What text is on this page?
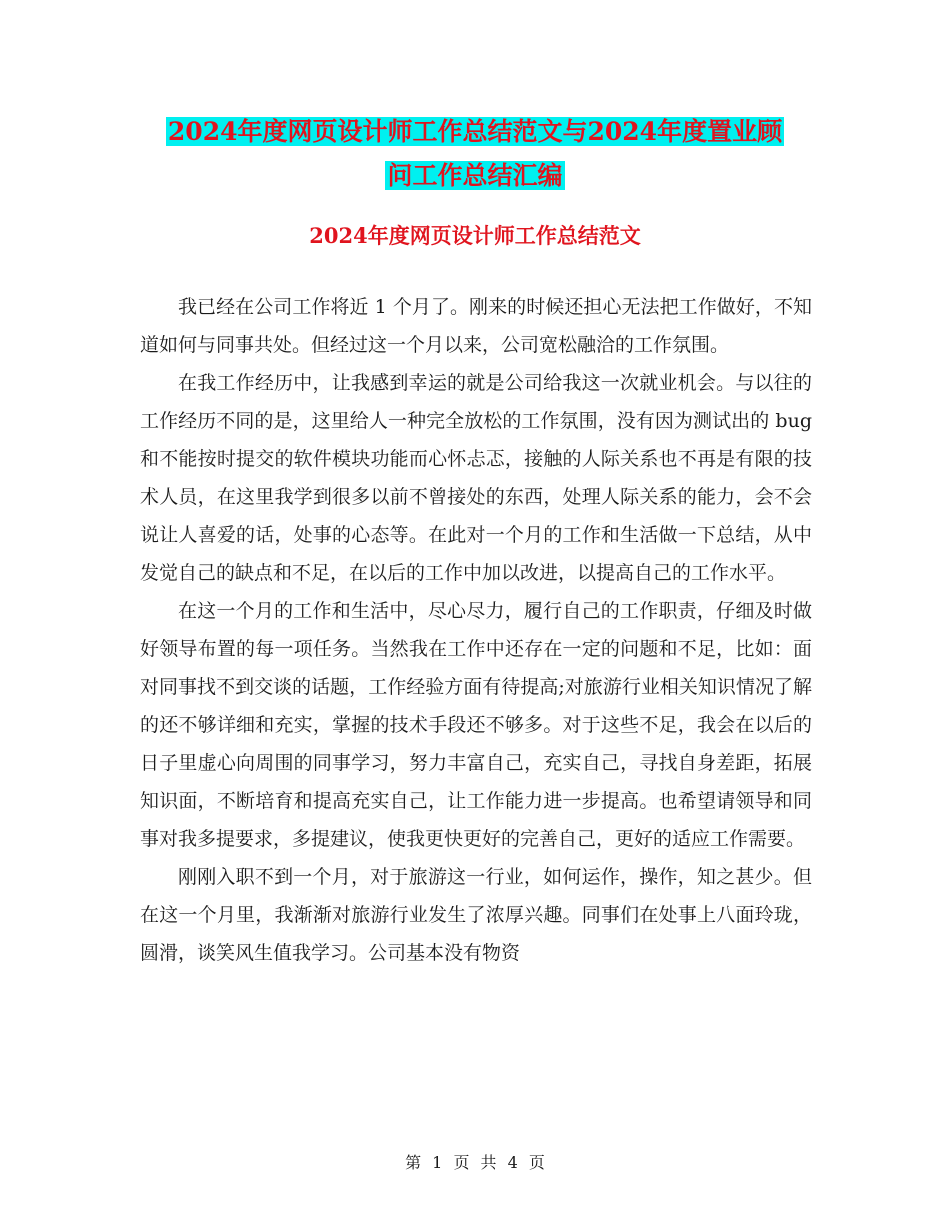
2024年度网页设计师工作总结范文与2024年度置业顾
问工作总结汇编
2024年度网页设计师工作总结范文

我已经在公司工作将近 1 个月了。刚来的时候还担心无法把工作做好，不知道如何与同事共处。但经过这一个月以来，公司宽松融洽的工作氛围。

在我工作经历中，让我感到幸运的就是公司给我这一次就业机会。与以往的工作经历不同的是，这里给人一种完全放松的工作氛围，没有因为测试出的 bug 和不能按时提交的软件模块功能而心怀忐忑，接触的人际关系也不再是有限的技术人员，在这里我学到很多以前不曾接处的东西，处理人际关系的能力，会不会说让人喜爱的话，处事的心态等。在此对一个月的工作和生活做一下总结，从中发觉自己的缺点和不足，在以后的工作中加以改进，以提高自己的工作水平。

在这一个月的工作和生活中，尽心尽力，履行自己的工作职责，仔细及时做好领导布置的每一项任务。当然我在工作中还存在一定的问题和不足，比如：面对同事找不到交谈的话题，工作经验方面有待提高;对旅游行业相关知识情况了解的还不够详细和充实，掌握的技术手段还不够多。对于这些不足，我会在以后的日子里虚心向周围的同事学习，努力丰富自己，充实自己，寻找自身差距，拓展知识面，不断培育和提高充实自己，让工作能力进一步提高。也希望请领导和同事对我多提要求，多提建议，使我更快更好的完善自己，更好的适应工作需要。

刚刚入职不到一个月，对于旅游这一行业，如何运作，操作，知之甚少。但在这一个月里，我渐渐对旅游行业发生了浓厚兴趣。同事们在处事上八面玲珑，圆滑，谈笑风生值我学习。公司基本没有物资

第 1 页 共 4 页
